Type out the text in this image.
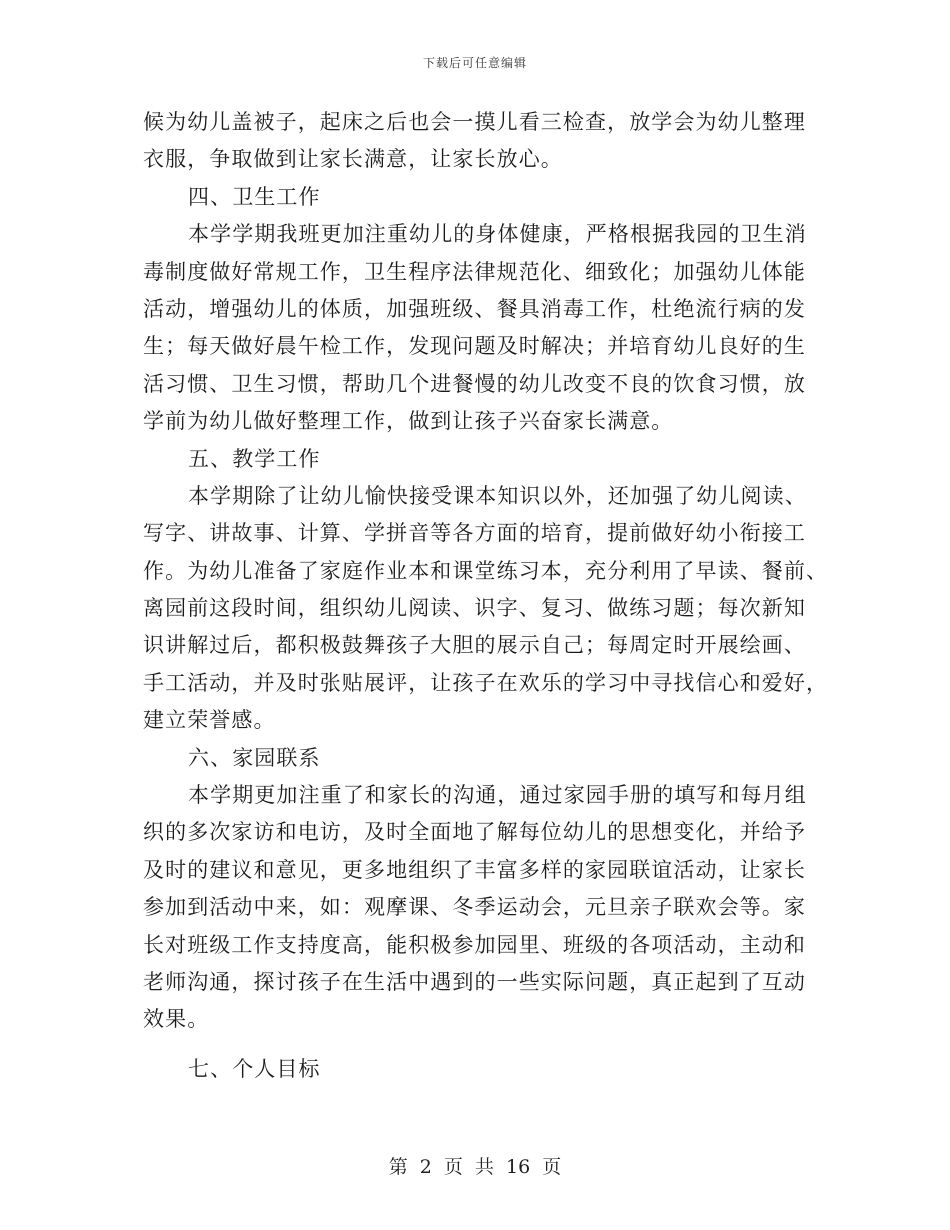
下载后可任意编辑
候为幼儿盖被子，起床之后也会一摸儿看三检查，放学会为幼儿整理
衣服，争取做到让家长满意，让家长放心。
四、卫生工作
本学学期我班更加注重幼儿的身体健康，严格根据我园的卫生消
毒制度做好常规工作，卫生程序法律规范化、细致化；加强幼儿体能
活动，增强幼儿的体质，加强班级、餐具消毒工作，杜绝流行病的发
生；每天做好晨午检工作，发现问题及时解决；并培育幼儿良好的生
活习惯、卫生习惯，帮助几个进餐慢的幼儿改变不良的饮食习惯，放
学前为幼儿做好整理工作，做到让孩子兴奋家长满意。
五、教学工作
本学期除了让幼儿愉快接受课本知识以外，还加强了幼儿阅读、
写字、讲故事、计算、学拼音等各方面的培育，提前做好幼小衔接工
作。为幼儿准备了家庭作业本和课堂练习本，充分利用了早读、餐前、
离园前这段时间，组织幼儿阅读、识字、复习、做练习题；每次新知
识讲解过后，都积极鼓舞孩子大胆的展示自己；每周定时开展绘画、
手工活动，并及时张贴展评，让孩子在欢乐的学习中寻找信心和爱好，
建立荣誉感。
六、家园联系
本学期更加注重了和家长的沟通，通过家园手册的填写和每月组
织的多次家访和电访，及时全面地了解每位幼儿的思想变化，并给予
及时的建议和意见，更多地组织了丰富多样的家园联谊活动，让家长
参加到活动中来，如：观摩课、冬季运动会，元旦亲子联欢会等。家
长对班级工作支持度高，能积极参加园里、班级的各项活动，主动和
老师沟通，探讨孩子在生活中遇到的一些实际问题，真正起到了互动
效果。
七、个人目标
第 2 页 共 16 页
